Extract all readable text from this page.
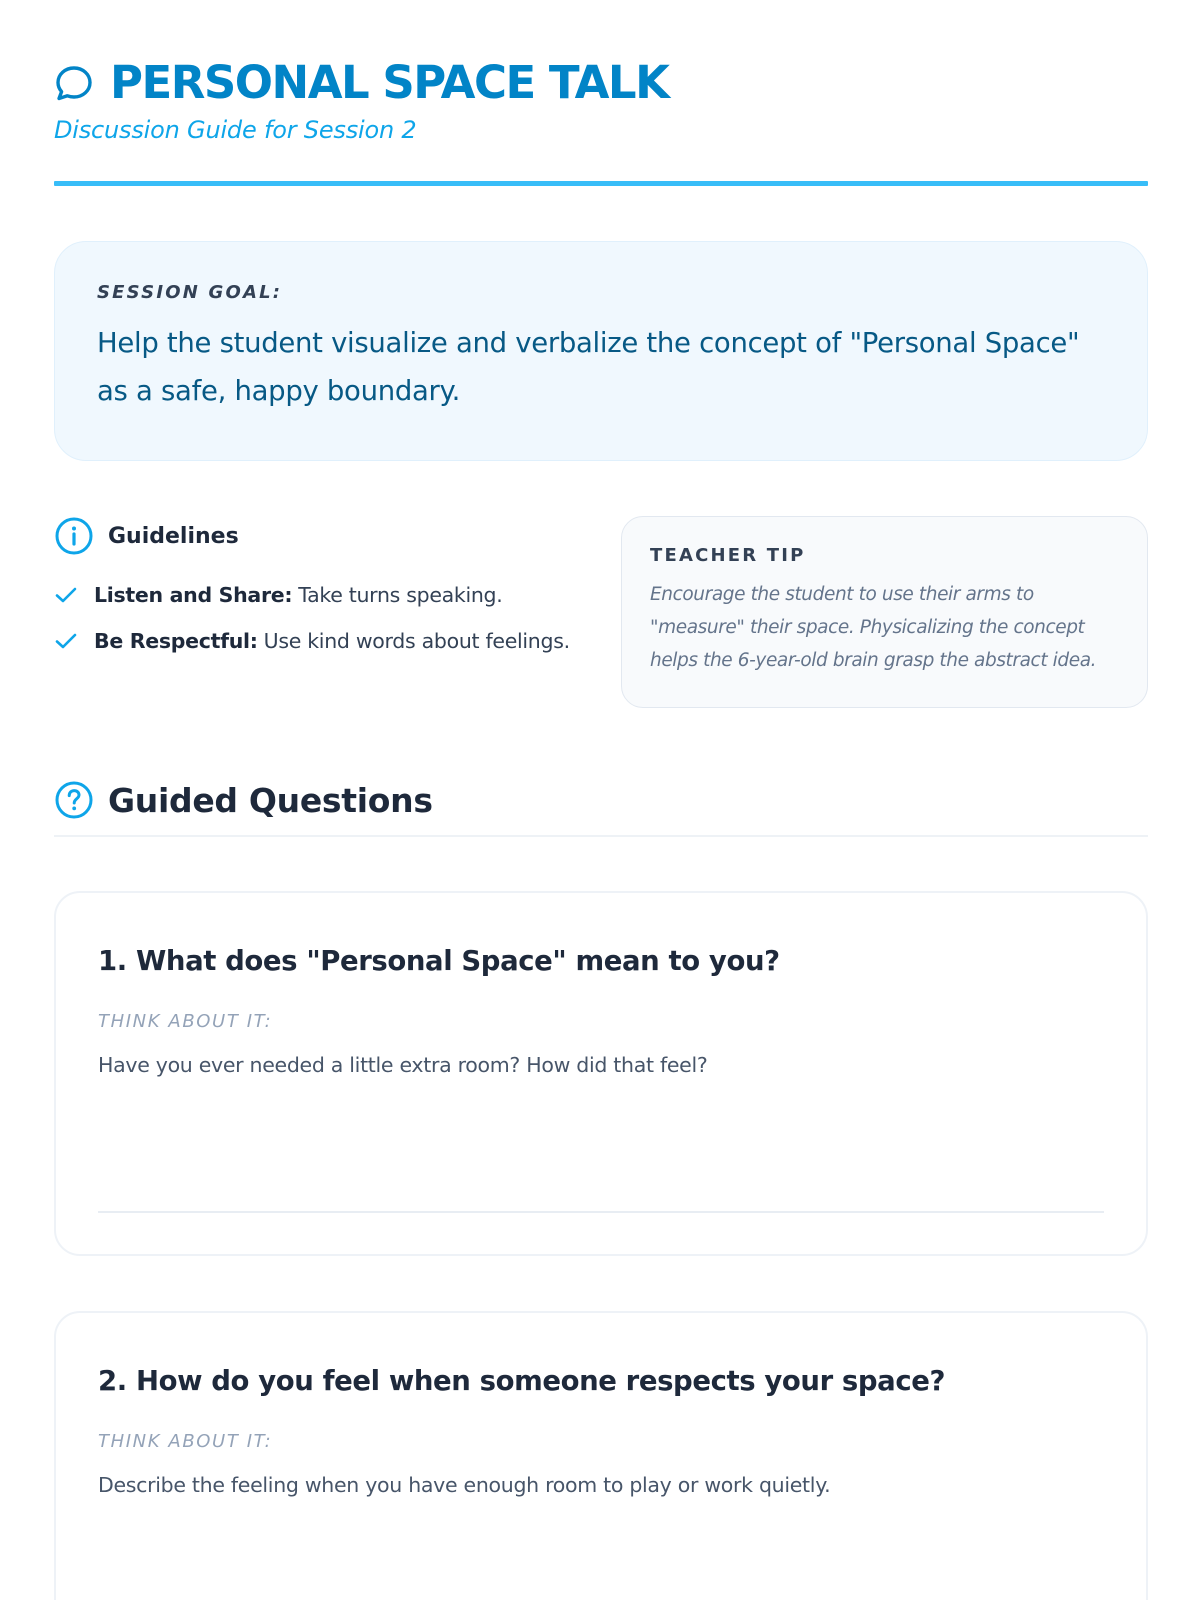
PERSONAL SPACE TALK
Discussion Guide for Session 2
SESSION GOAL:
Help the student visualize and verbalize the concept of "Personal Space" as a safe, happy boundary.
Guidelines
Listen and Share: Take turns speaking.
Be Respectful: Use kind words about feelings.
TEACHER TIP
Encourage the student to use their arms to "measure" their space. Physicalizing the concept helps the 6-year-old brain grasp the abstract idea.
Guided Questions
1. What does "Personal Space" mean to you?
THINK ABOUT IT:
Have you ever needed a little extra room? How did that feel?
2. How do you feel when someone respects your space?
THINK ABOUT IT:
Describe the feeling when you have enough room to play or work quietly.
